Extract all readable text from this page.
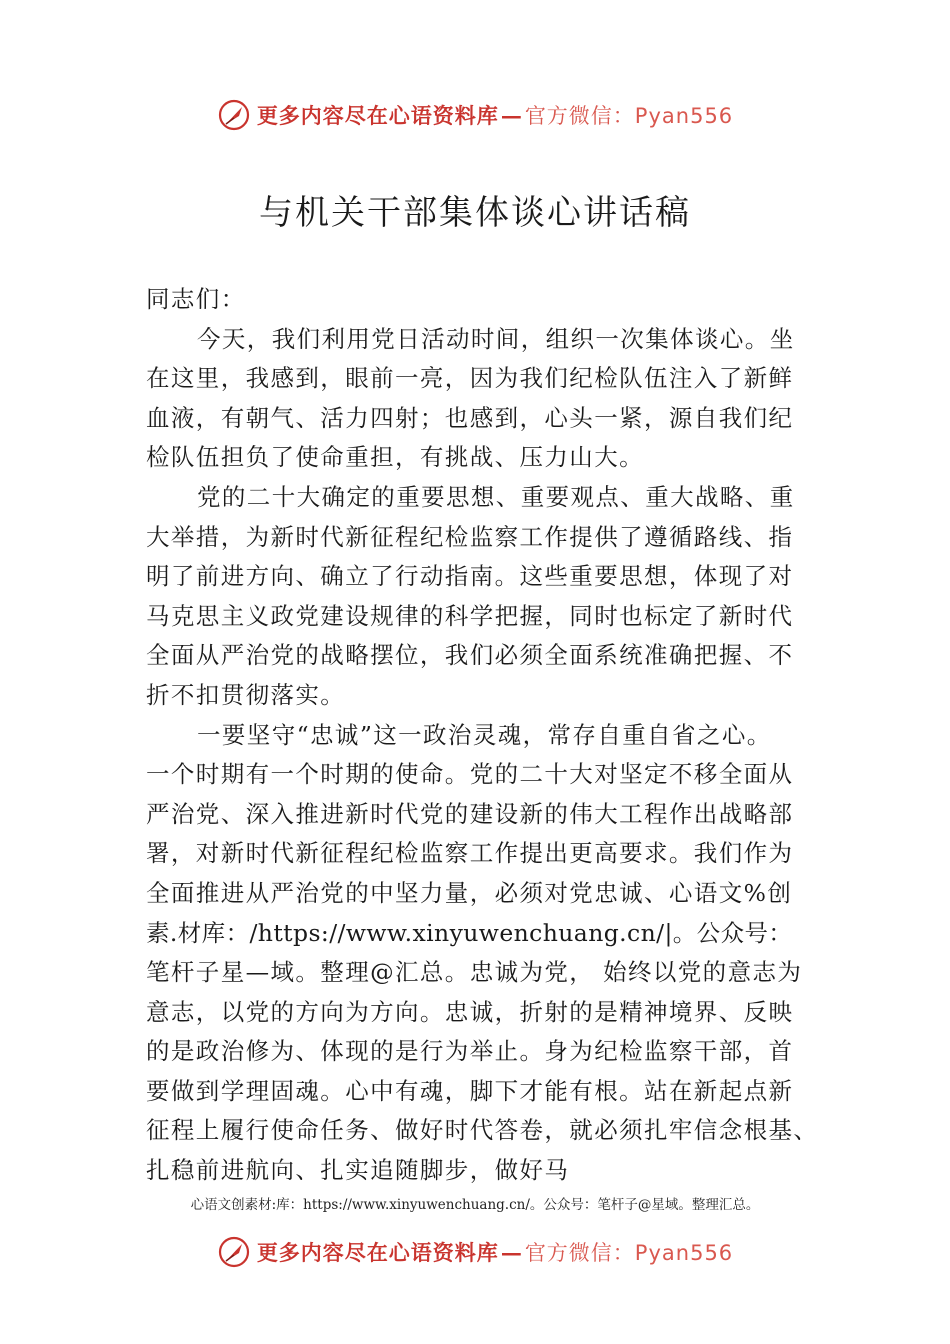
更多内容尽在心语资料库—官方微信：Pyan556
与机关干部集体谈心讲话稿
同志们：
今天，我们利用党日活动时间，组织一次集体谈心。坐
在这里，我感到，眼前一亮，因为我们纪检队伍注入了新鲜
血液，有朝气、活力四射；也感到，心头一紧，源自我们纪
检队伍担负了使命重担，有挑战、压力山大。
党的二十大确定的重要思想、重要观点、重大战略、重
大举措，为新时代新征程纪检监察工作提供了遵循路线、指
明了前进方向、确立了行动指南。这些重要思想，体现了对
马克思主义政党建设规律的科学把握，同时也标定了新时代
全面从严治党的战略摆位，我们必须全面系统准确把握、不
折不扣贯彻落实。
一要坚守“忠诚”这一政治灵魂，常存自重自省之心。
一个时期有一个时期的使命。党的二十大对坚定不移全面从
严治党、深入推进新时代党的建设新的伟大工程作出战略部
署，对新时代新征程纪检监察工作提出更高要求。我们作为
全面推进从严治党的中坚力量，必须对党忠诚、心语文%创
素.材库：/https://www.xinyuwenchuang.cn/|。公众号：
笔杆子星—域。整理@汇总。忠诚为党， 始终以党的意志为
意志，以党的方向为方向。忠诚，折射的是精神境界、反映
的是政治修为、体现的是行为举止。身为纪检监察干部，首
要做到学理固魂。心中有魂，脚下才能有根。站在新起点新
征程上履行使命任务、做好时代答卷，就必须扎牢信念根基、
扎稳前进航向、扎实追随脚步，做好马
心语文创素材:库：https://www.xinyuwenchuang.cn/。公众号：笔杆子@星域。整理汇总。
更多内容尽在心语资料库—官方微信：Pyan556
